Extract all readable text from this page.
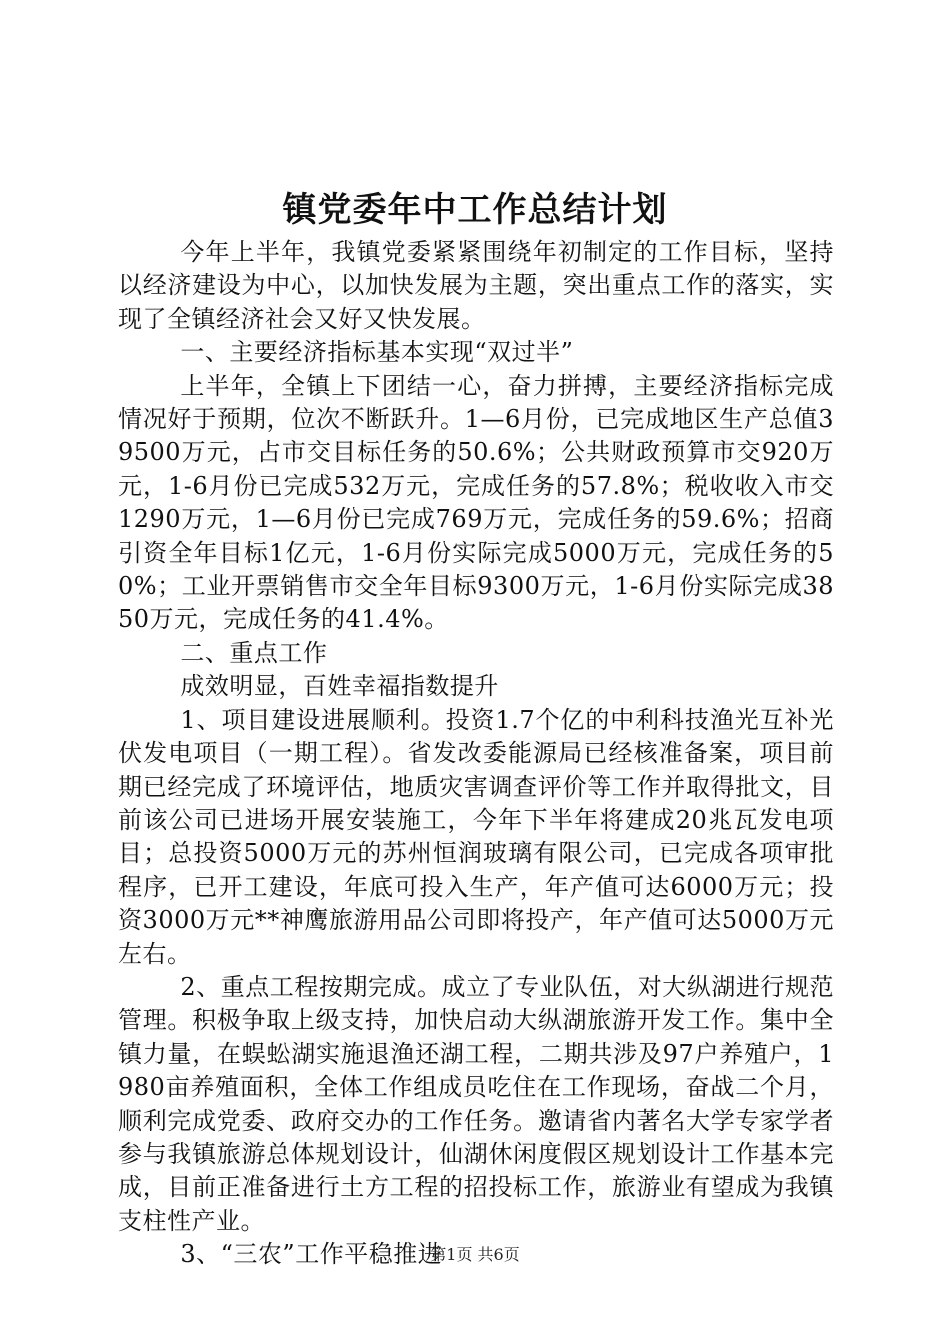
镇党委年中工作总结计划

今年上半年，我镇党委紧紧围绕年初制定的工作目标，坚持以经济建设为中心，以加快发展为主题，突出重点工作的落实，实现了全镇经济社会又好又快发展。

一、主要经济指标基本实现“双过半”

上半年，全镇上下团结一心，奋力拼搏，主要经济指标完成情况好于预期，位次不断跃升。1—6月份，已完成地区生产总值39500万元，占市交目标任务的50.6%；公共财政预算市交920万元，1-6月份已完成532万元，完成任务的57.8%；税收收入市交1290万元，1—6月份已完成769万元，完成任务的59.6%；招商引资全年目标1亿元，1-6月份实际完成5000万元，完成任务的50%；工业开票销售市交全年目标9300万元，1-6月份实际完成3850万元，完成任务的41.4%。

二、重点工作

成效明显，百姓幸福指数提升

1、项目建设进展顺利。投资1.7个亿的中利科技渔光互补光伏发电项目（一期工程）。省发改委能源局已经核准备案，项目前期已经完成了环境评估，地质灾害调查评价等工作并取得批文，目前该公司已进场开展安装施工，今年下半年将建成20兆瓦发电项目；总投资5000万元的苏州恒润玻璃有限公司，已完成各项审批程序，已开工建设，年底可投入生产，年产值可达6000万元；投资3000万元**神鹰旅游用品公司即将投产，年产值可达5000万元左右。

2、重点工程按期完成。成立了专业队伍，对大纵湖进行规范管理。积极争取上级支持，加快启动大纵湖旅游开发工作。集中全镇力量，在蜈蚣湖实施退渔还湖工程，二期共涉及97户养殖户，1980亩养殖面积，全体工作组成员吃住在工作现场，奋战二个月，顺利完成党委、政府交办的工作任务。邀请省内著名大学专家学者参与我镇旅游总体规划设计，仙湖休闲度假区规划设计工作基本完成，目前正准备进行土方工程的招投标工作，旅游业有望成为我镇支柱性产业。

3、“三农”工作平稳推进

第1页 共6页
